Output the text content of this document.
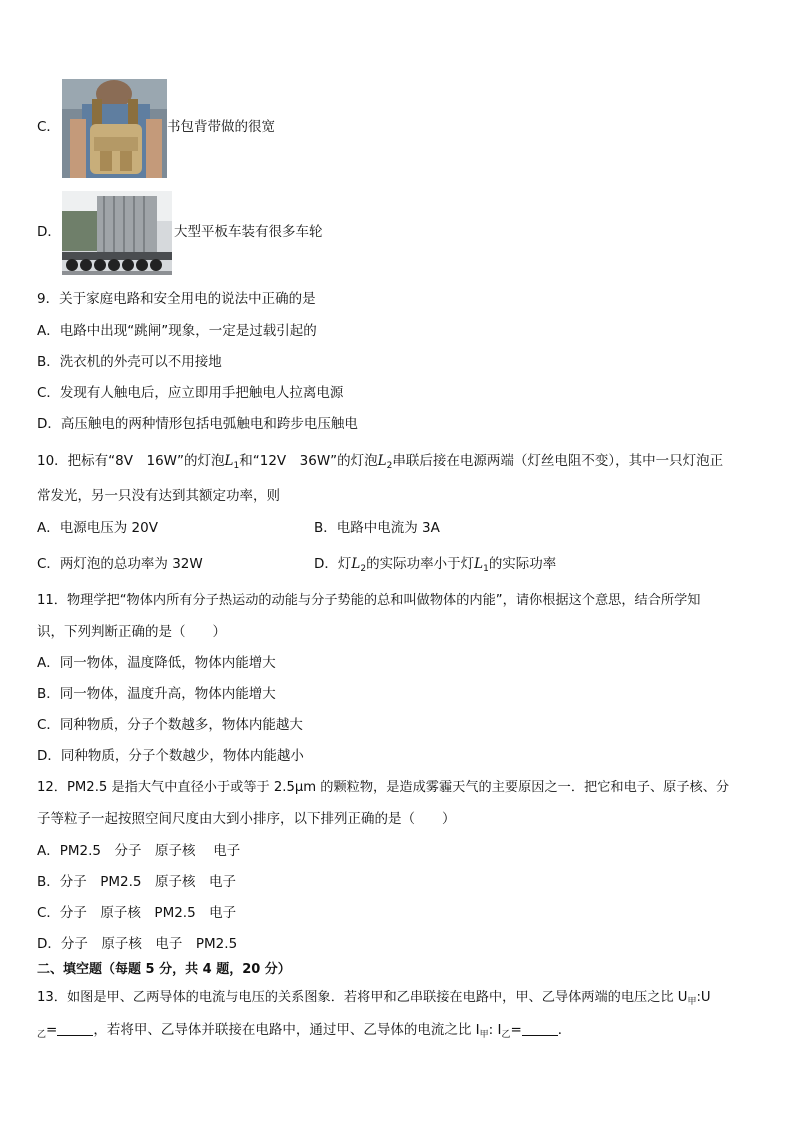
C．	书包背带做的很宽
D．	大型平板车装有很多车轮
9．关于家庭电路和安全用电的说法中正确的是
A．电路中出现“跳闸”现象，一定是过载引起的
B．洗衣机的外壳可以不用接地
C．发现有人触电后，应立即用手把触电人拉离电源
D．高压触电的两种情形包括电弧触电和跨步电压触电
10．把标有“8V　16W”的灯泡$L_1$和“12V　36W”的灯泡$L_2$串联后接在电源两端（灯丝电阻不变），其中一只灯泡正
常发光，另一只没有达到其额定功率，则
A．电源电压为 20V	B．电路中电流为 3A
C．两灯泡的总功率为 32W	D．灯$L_2$的实际功率小于灯$L_1$的实际功率
11．物理学把“物体内所有分子热运动的动能与分子势能的总和叫做物体的内能”，请你根据这个意思，结合所学知
识，下列判断正确的是（　　）
A．同一物体，温度降低，物体内能增大
B．同一物体，温度升高，物体内能增大
C．同种物质，分子个数越多，物体内能越大
D．同种物质，分子个数越少，物体内能越小
12．PM2.5 是指大气中直径小于或等于 2.5μm 的颗粒物，是造成雾霾天气的主要原因之一．把它和电子、原子核、分
子等粒子一起按照空间尺度由大到小排序，以下排列正确的是（　　）
A．PM2.5　分子　原子核　 电子
B．分子　PM2.5　原子核　电子
C．分子　原子核　PM2.5　电子
D．分子　原子核　电子　PM2.5
二、填空题（每题 5 分，共 4 题，20 分）
13．如图是甲、乙两导体的电流与电压的关系图象．若将甲和乙串联接在电路中，甲、乙导体两端的电压之比 $U_甲:U$
$_乙$=	，若将甲、乙导体并联接在电路中，通过甲、乙导体的电流之比 $I_甲$: $I_乙=$	．
